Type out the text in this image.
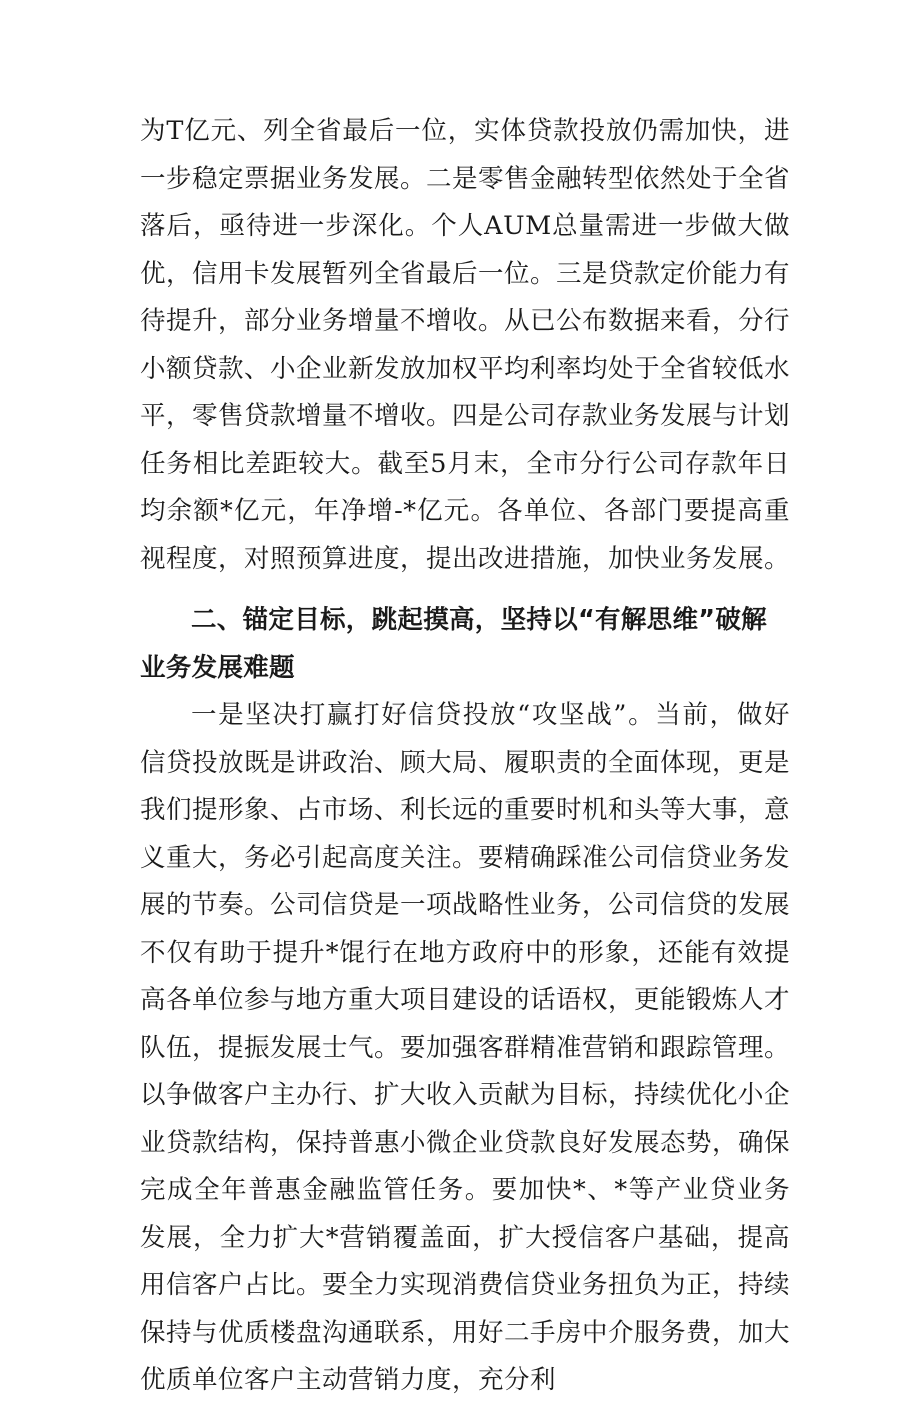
为T亿元、列全省最后一位，实体贷款投放仍需加快，进一步稳定票据业务发展。二是零售金融转型依然处于全省落后，亟待进一步深化。个人AUM总量需进一步做大做优，信用卡发展暂列全省最后一位。三是贷款定价能力有待提升，部分业务增量不增收。从已公布数据来看，分行小额贷款、小企业新发放加权平均利率均处于全省较低水平，零售贷款增量不增收。四是公司存款业务发展与计划任务相比差距较大。截至5月末，全市分行公司存款年日均余额*亿元，年净增-*亿元。各单位、各部门要提高重视程度，对照预算进度，提出改进措施，加快业务发展。

二、锚定目标，跳起摸高，坚持以“有解思维”破解业务发展难题

一是坚决打赢打好信贷投放“攻坚战”。当前，做好信贷投放既是讲政治、顾大局、履职责的全面体现，更是我们提形象、占市场、利长远的重要时机和头等大事，意义重大，务必引起高度关注。要精确踩准公司信贷业务发展的节奏。公司信贷是一项战略性业务，公司信贷的发展不仅有助于提升*馄行在地方政府中的形象，还能有效提高各单位参与地方重大项目建设的话语权，更能锻炼人才队伍，提振发展士气。要加强客群精准营销和跟踪管理。以争做客户主办行、扩大收入贡献为目标，持续优化小企业贷款结构，保持普惠小微企业贷款良好发展态势，确保完成全年普惠金融监管任务。要加快*、*等产业贷业务发展，全力扩大*营销覆盖面，扩大授信客户基础，提高用信客户占比。要全力实现消费信贷业务扭负为正，持续保持与优质楼盘沟通联系，用好二手房中介服务费，加大优质单位客户主动营销力度，充分利
